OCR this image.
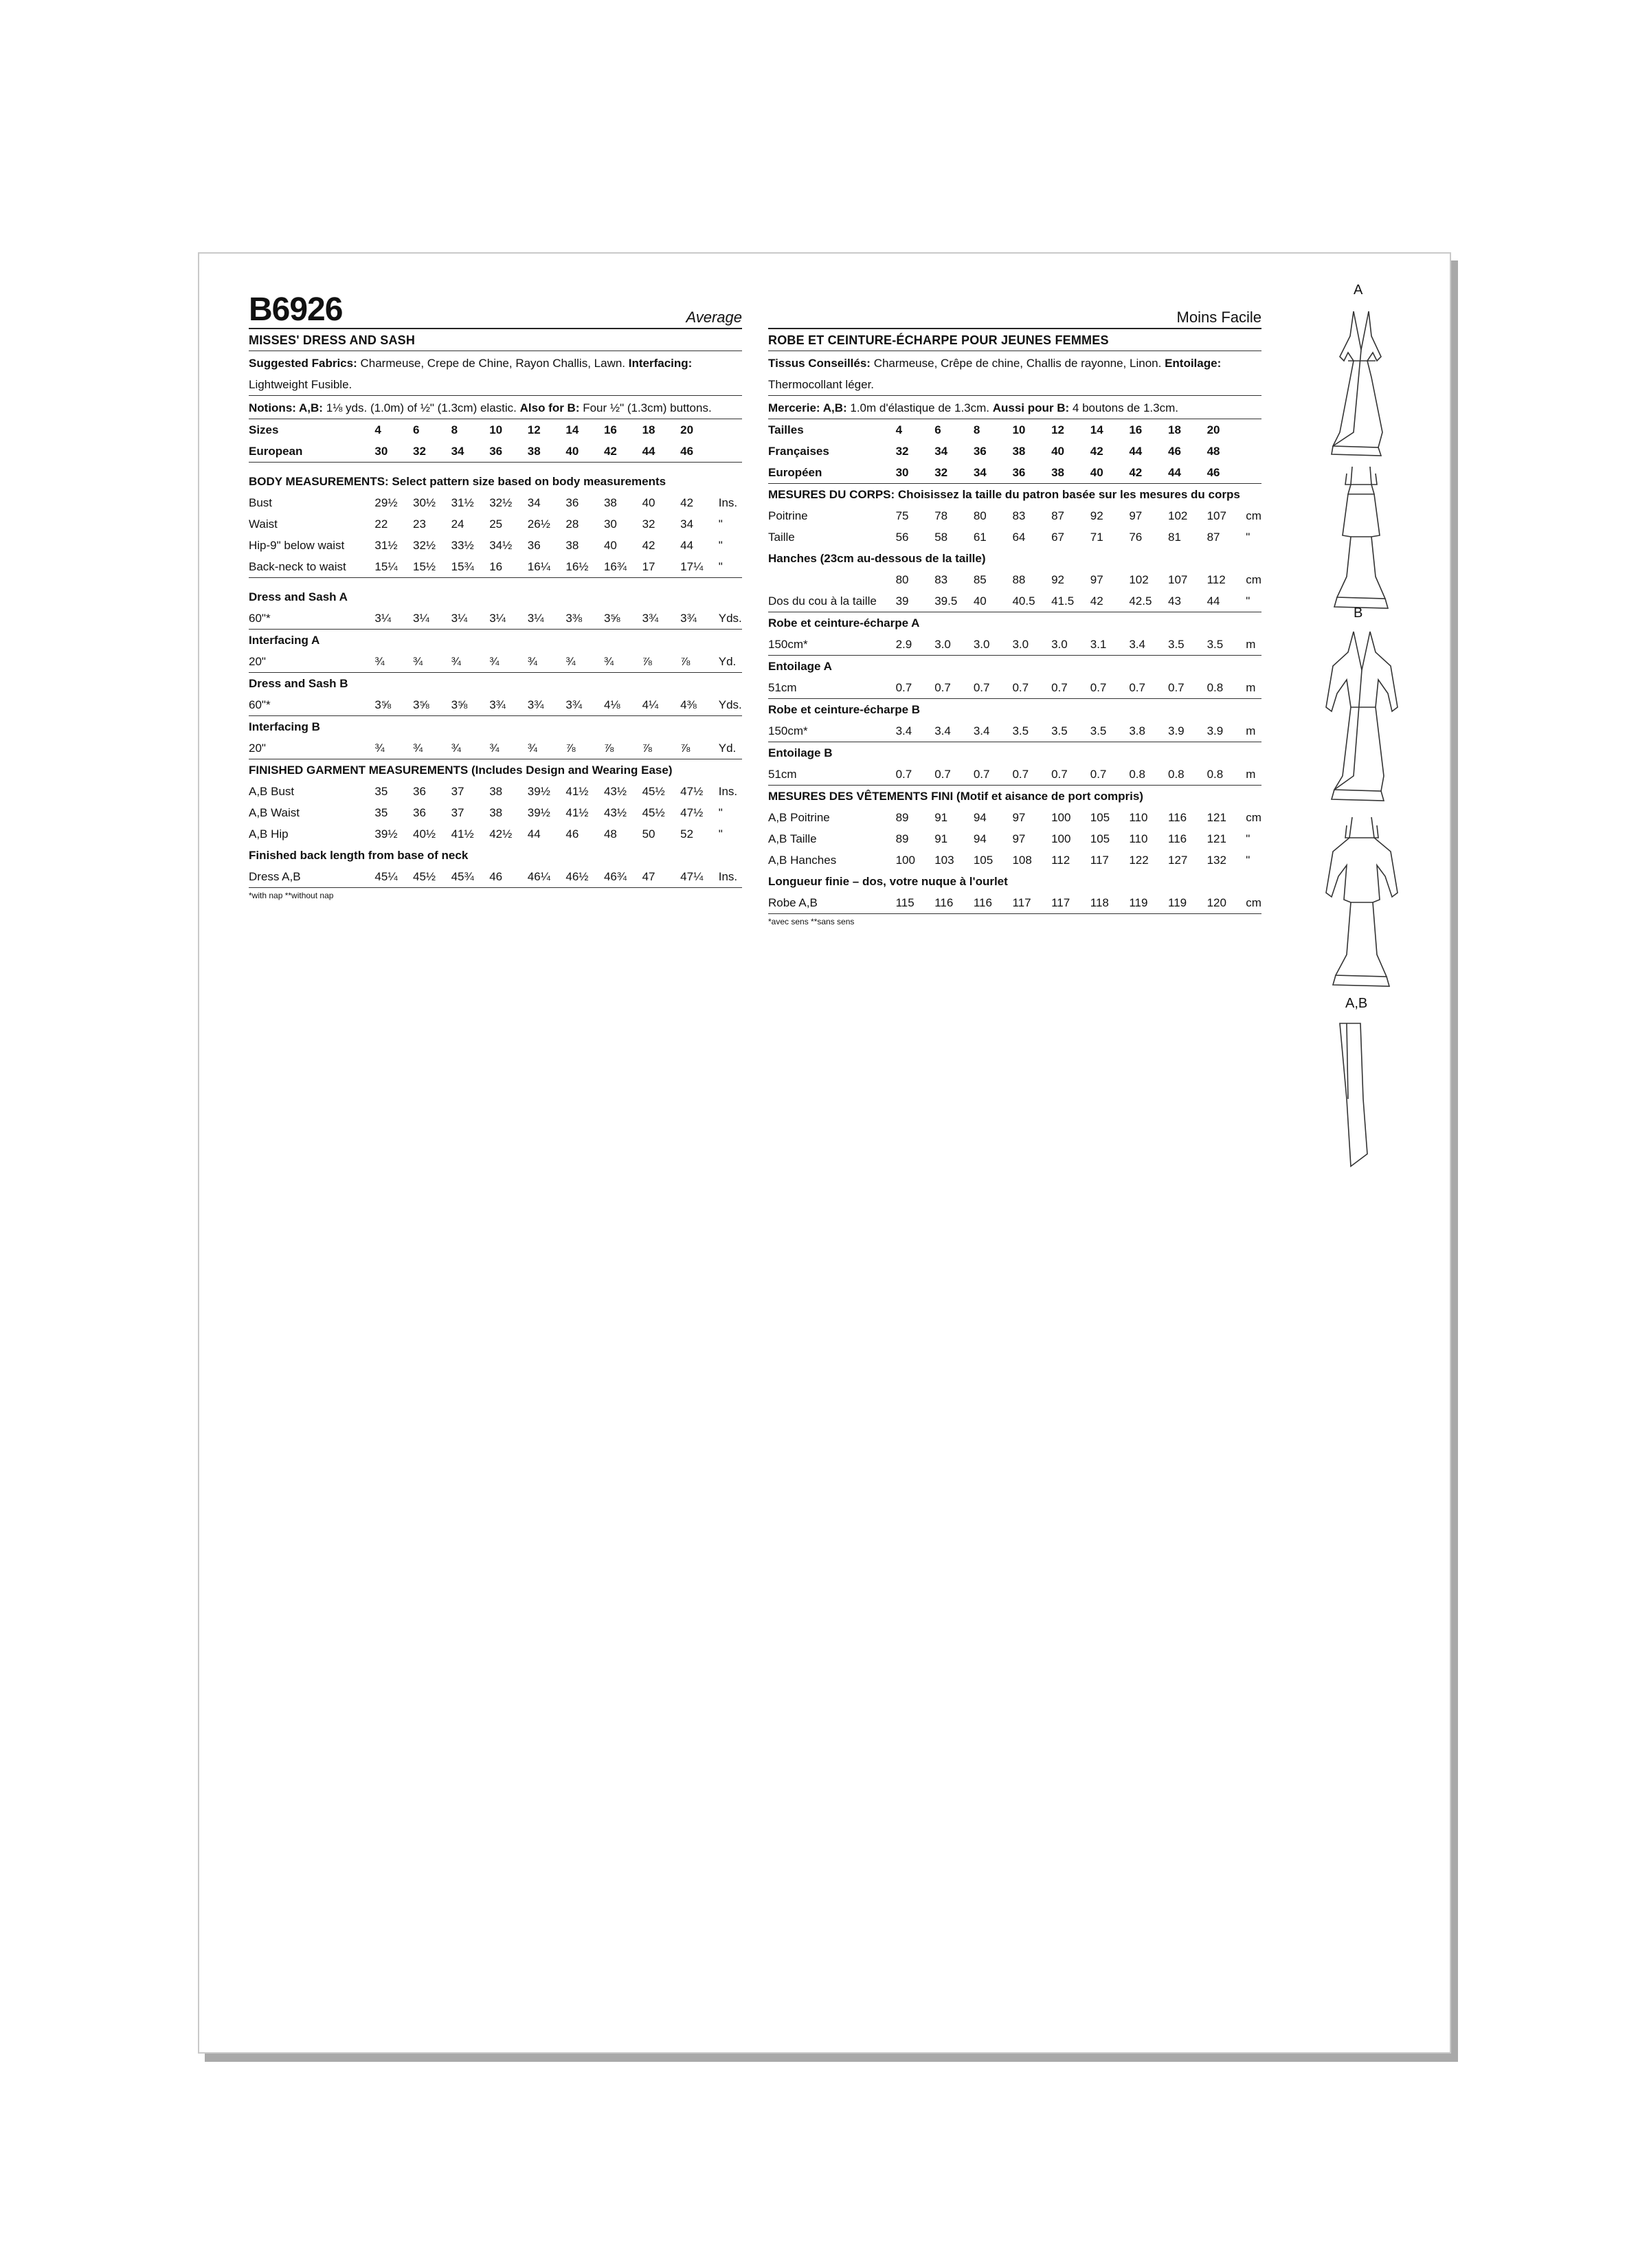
B6926	Average
MISSES' DRESS AND SASH
Suggested Fabrics: Charmeuse, Crepe de Chine, Rayon Challis, Lawn. Interfacing: Lightweight Fusible.
Notions: A,B: 1⅛ yds. (1.0m) of ½" (1.3cm) elastic. Also for B: Four ½" (1.3cm) buttons.
Sizes	4	6	8	10	12	14	16	18	20	
European	30	32	34	36	38	40	42	44	46	

BODY MEASUREMENTS: Select pattern size based on body measurements										
Bust	29½	30½	31½	32½	34	36	38	40	42	Ins.
Waist	22	23	24	25	26½	28	30	32	34	"
Hip-9" below waist	31½	32½	33½	34½	36	38	40	42	44	"
Back-neck to waist	15¼	15½	15¾	16	16¼	16½	16¾	17	17¼	"

Dress and Sash A										
60"*	3¼	3¼	3¼	3¼	3¼	3⅜	3⅝	3¾	3¾	Yds.
Interfacing A										
20"	¾	¾	¾	¾	¾	¾	¾	⅞	⅞	Yd.
Dress and Sash B										
60"*	3⅝	3⅝	3⅝	3¾	3¾	3¾	4⅛	4¼	4⅜	Yds.
Interfacing B										
20"	¾	¾	¾	¾	¾	⅞	⅞	⅞	⅞	Yd.
FINISHED GARMENT MEASUREMENTS (Includes Design and Wearing Ease)										
A,B Bust	35	36	37	38	39½	41½	43½	45½	47½	Ins.
A,B Waist	35	36	37	38	39½	41½	43½	45½	47½	"
A,B Hip	39½	40½	41½	42½	44	46	48	50	52	"
Finished back length from base of neck										
Dress A,B	45¼	45½	45¾	46	46¼	46½	46¾	47	47¼	Ins.
*with nap **without nap
Moins Facile
ROBE ET CEINTURE-ÉCHARPE POUR JEUNES FEMMES
Tissus Conseillés: Charmeuse, Crêpe de chine, Challis de rayonne, Linon. Entoilage: Thermocollant léger.
Mercerie: A,B: 1.0m d'élastique de 1.3cm. Aussi pour B: 4 boutons de 1.3cm.
Tailles	4	6	8	10	12	14	16	18	20	
Françaises	32	34	36	38	40	42	44	46	48	
Européen	30	32	34	36	38	40	42	44	46	
MESURES DU CORPS: Choisissez la taille du patron basée sur les mesures du corps										
Poitrine	75	78	80	83	87	92	97	102	107	cm
Taille	56	58	61	64	67	71	76	81	87	"
Hanches (23cm au-dessous de la taille)										
	80	83	85	88	92	97	102	107	112	cm
Dos du cou à la taille	39	39.5	40	40.5	41.5	42	42.5	43	44	"
Robe et ceinture-écharpe A										
150cm*	2.9	3.0	3.0	3.0	3.0	3.1	3.4	3.5	3.5	m
Entoilage A										
51cm	0.7	0.7	0.7	0.7	0.7	0.7	0.7	0.7	0.8	m
Robe et ceinture-écharpe B										
150cm*	3.4	3.4	3.4	3.5	3.5	3.5	3.8	3.9	3.9	m
Entoilage B										
51cm	0.7	0.7	0.7	0.7	0.7	0.7	0.8	0.8	0.8	m
MESURES DES VÊTEMENTS FINI (Motif et aisance de port compris)										
A,B Poitrine	89	91	94	97	100	105	110	116	121	cm
A,B Taille	89	91	94	97	100	105	110	116	121	"
A,B Hanches	100	103	105	108	112	117	122	127	132	"
Longueur finie – dos, votre nuque à l'ourlet										
Robe A,B	115	116	116	117	117	118	119	119	120	cm
*avec sens **sans sens
A
B
A,B
